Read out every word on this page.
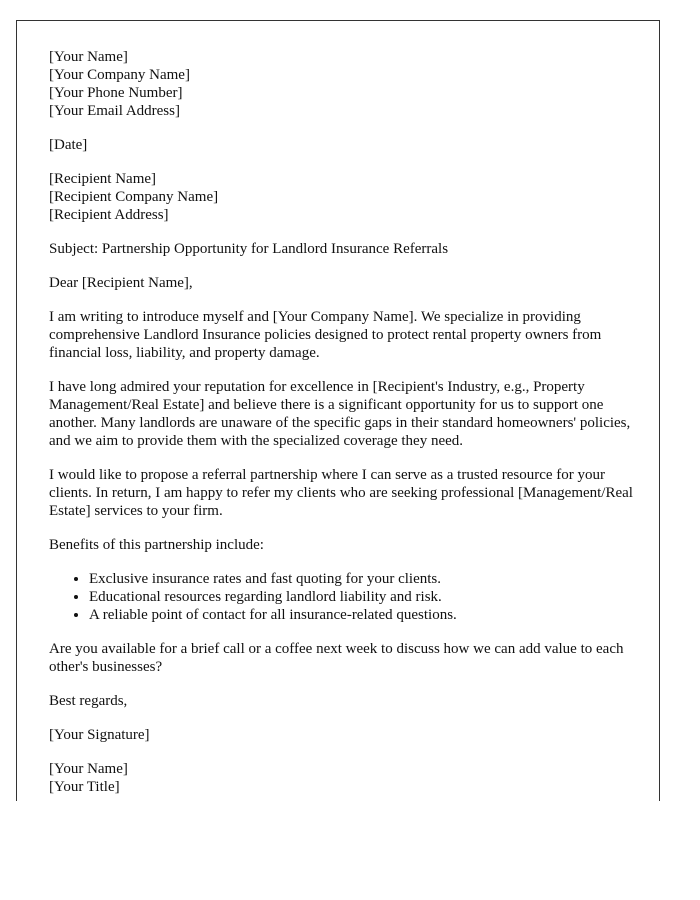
[Your Name]
[Your Company Name]
[Your Phone Number]
[Your Email Address]

[Date]

[Recipient Name]
[Recipient Company Name]
[Recipient Address]

Subject: Partnership Opportunity for Landlord Insurance Referrals

Dear [Recipient Name],

I am writing to introduce myself and [Your Company Name]. We specialize in providing comprehensive Landlord Insurance policies designed to protect rental property owners from financial loss, liability, and property damage.

I have long admired your reputation for excellence in [Recipient's Industry, e.g., Property Management/Real Estate] and believe there is a significant opportunity for us to support one another. Many landlords are unaware of the specific gaps in their standard homeowners' policies, and we aim to provide them with the specialized coverage they need.

I would like to propose a referral partnership where I can serve as a trusted resource for your clients. In return, I am happy to refer my clients who are seeking professional [Management/Real Estate] services to your firm.

Benefits of this partnership include:

• Exclusive insurance rates and fast quoting for your clients.
• Educational resources regarding landlord liability and risk.
• A reliable point of contact for all insurance-related questions.

Are you available for a brief call or a coffee next week to discuss how we can add value to each other's businesses?

Best regards,

[Your Signature]

[Your Name]
[Your Title]
